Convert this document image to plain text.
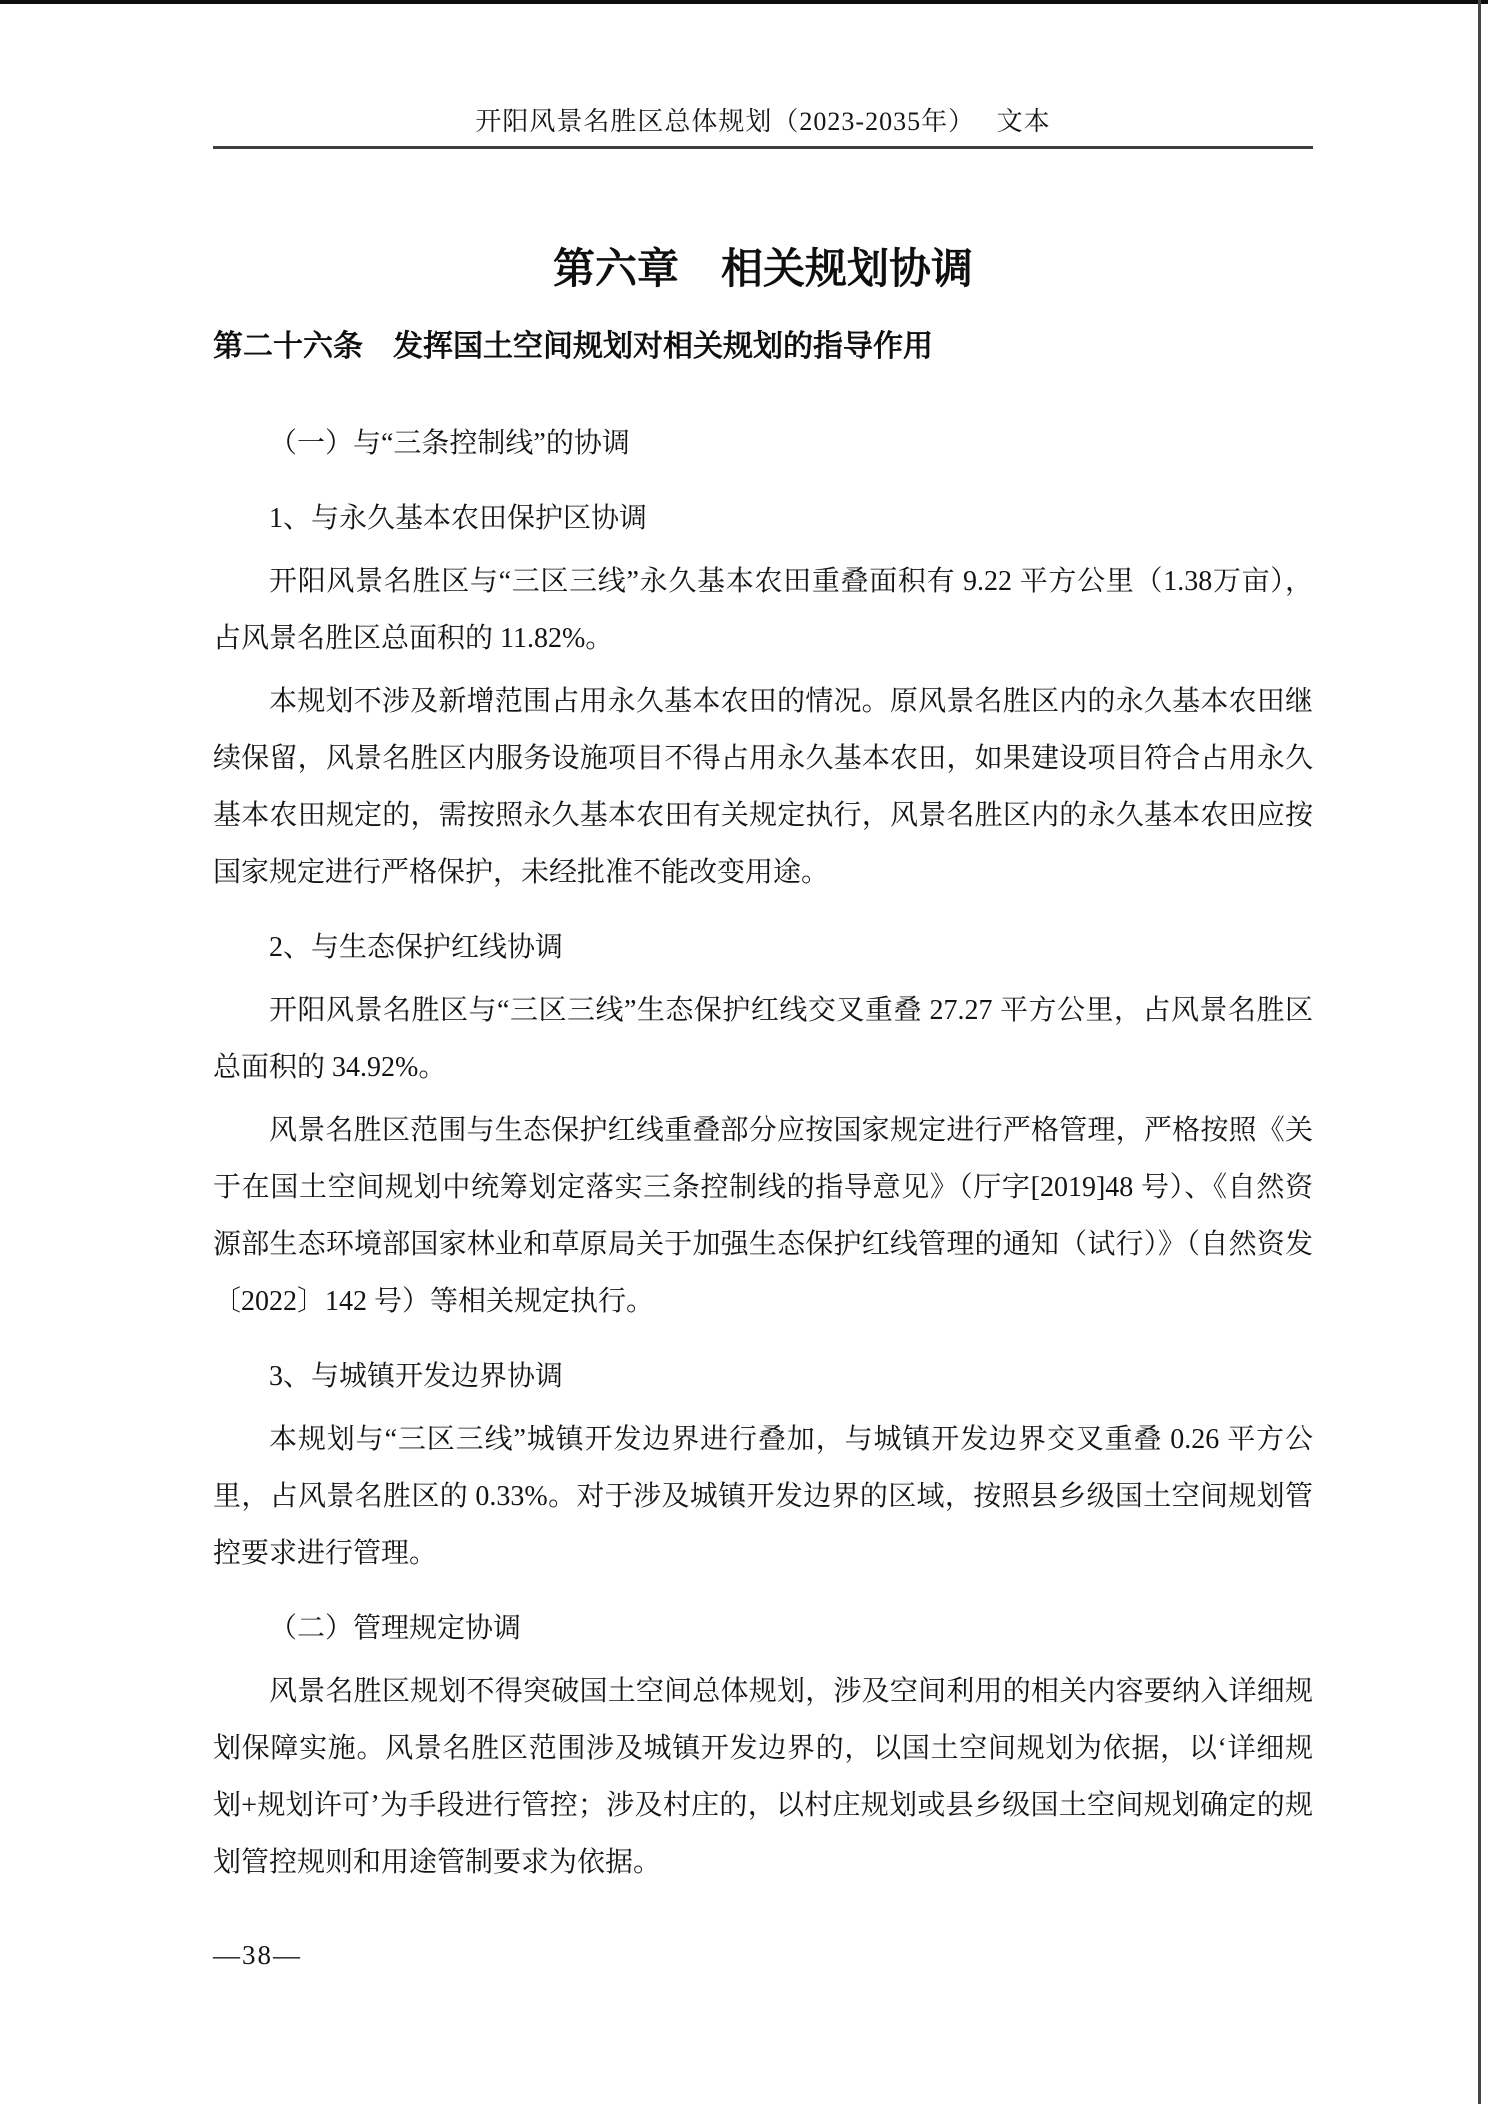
开阳风景名胜区总体规划（2023-2035年）　 文本
第六章　相关规划协调
第二十六条　发挥国土空间规划对相关规划的指导作用
（一）与“三条控制线”的协调
1、与永久基本农田保护区协调
开阳风景名胜区与“三区三线”永久基本农田重叠面积有 9.22 平方公里（1.38万亩），占风景名胜区总面积的 11.82%。
本规划不涉及新增范围占用永久基本农田的情况。原风景名胜区内的永久基本农田继续保留，风景名胜区内服务设施项目不得占用永久基本农田，如果建设项目符合占用永久基本农田规定的，需按照永久基本农田有关规定执行，风景名胜区内的永久基本农田应按国家规定进行严格保护，未经批准不能改变用途。
2、与生态保护红线协调
开阳风景名胜区与“三区三线”生态保护红线交叉重叠 27.27 平方公里，占风景名胜区总面积的 34.92%。
风景名胜区范围与生态保护红线重叠部分应按国家规定进行严格管理，严格按照《关于在国土空间规划中统筹划定落实三条控制线的指导意见》（厅字[2019]48 号）、《自然资源部生态环境部国家林业和草原局关于加强生态保护红线管理的通知（试行）》（自然资发〔2022〕142 号）等相关规定执行。
3、与城镇开发边界协调
本规划与“三区三线”城镇开发边界进行叠加，与城镇开发边界交叉重叠 0.26 平方公里，占风景名胜区的 0.33%。对于涉及城镇开发边界的区域，按照县乡级国土空间规划管控要求进行管理。
（二）管理规定协调
风景名胜区规划不得突破国土空间总体规划，涉及空间利用的相关内容要纳入详细规划保障实施。风景名胜区范围涉及城镇开发边界的，以国土空间规划为依据，以‘详细规划+规划许可’为手段进行管控；涉及村庄的，以村庄规划或县乡级国土空间规划确定的规划管控规则和用途管制要求为依据。
—38—
